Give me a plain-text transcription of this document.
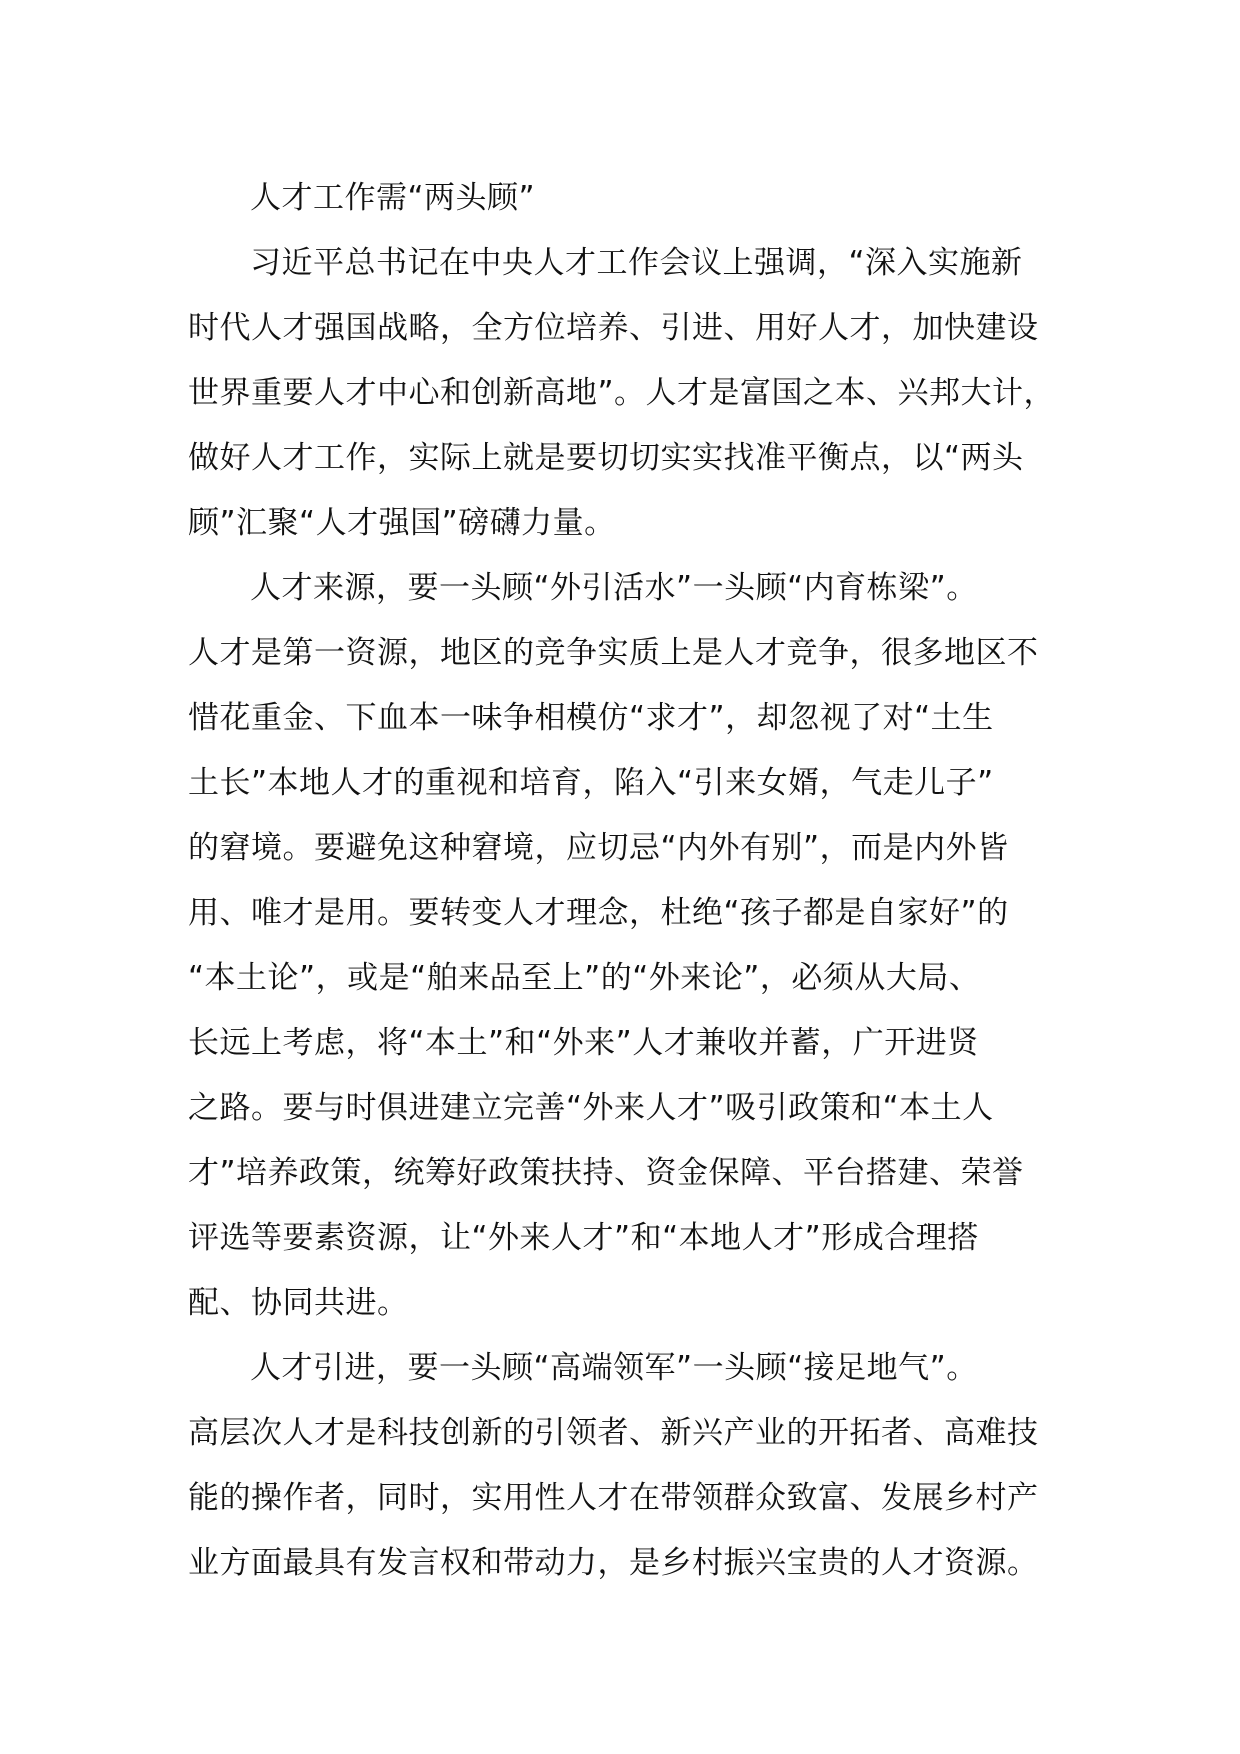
人才工作需“两头顾”
习近平总书记在中央人才工作会议上强调，“深入实施新
时代人才强国战略，全方位培养、引进、用好人才，加快建设
世界重要人才中心和创新高地”。人才是富国之本、兴邦大计，
做好人才工作，实际上就是要切切实实找准平衡点，以“两头
顾”汇聚“人才强国”磅礴力量。
人才来源，要一头顾“外引活水”一头顾“内育栋梁”。
人才是第一资源，地区的竞争实质上是人才竞争，很多地区不
惜花重金、下血本一味争相模仿“求才”，却忽视了对“土生
土长”本地人才的重视和培育，陷入“引来女婿，气走儿子”
的窘境。要避免这种窘境，应切忌“内外有别”，而是内外皆
用、唯才是用。要转变人才理念，杜绝“孩子都是自家好”的
“本土论”，或是“舶来品至上”的“外来论”，必须从大局、
长远上考虑，将“本土”和“外来”人才兼收并蓄，广开进贤
之路。要与时俱进建立完善“外来人才”吸引政策和“本土人
才”培养政策，统筹好政策扶持、资金保障、平台搭建、荣誉
评选等要素资源，让“外来人才”和“本地人才”形成合理搭
配、协同共进。
人才引进，要一头顾“高端领军”一头顾“接足地气”。
高层次人才是科技创新的引领者、新兴产业的开拓者、高难技
能的操作者，同时，实用性人才在带领群众致富、发展乡村产
业方面最具有发言权和带动力，是乡村振兴宝贵的人才资源。
